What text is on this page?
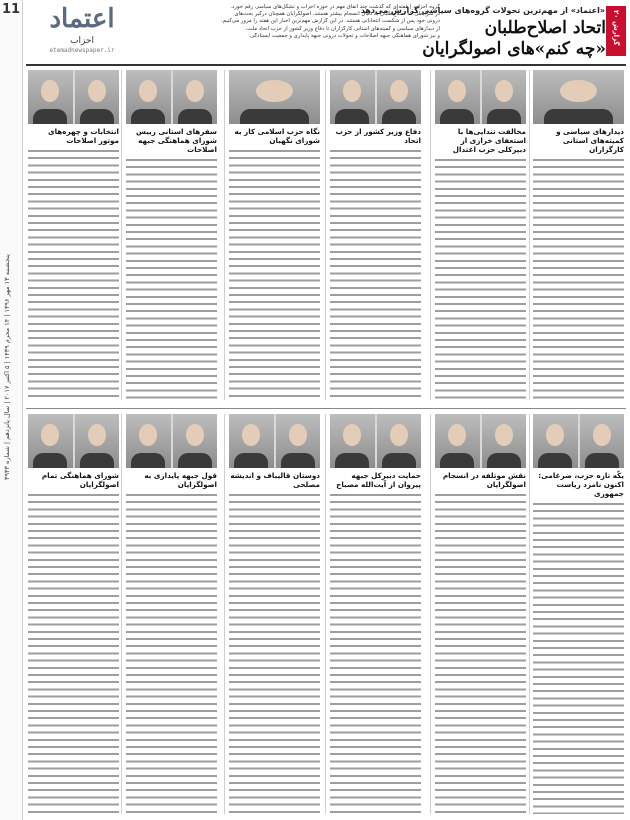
11
پنجشنبه ۱۳ مهر ۱۳۹۶ | ۱۴ محرم ۱۴۳۹ | ۵ اکتبر ۲۰۱۷ | سال پانزدهم | شماره ۳۹۳۳
اعتماد
احزاب
etemadnewspaper.ir
گروه احزاب | هفته‌ای که گذشت چند اتفاق مهم در حوزه احزاب و تشکل‌های سیاسی رقم خورد.
در شرایطی که اصلاح‌طلبان به دنبال انسجام بیشتر هستند، اصولگرایان همچنان درگیر بحث‌های
درونی خود پس از شکست انتخاباتی هستند. در این گزارش مهم‌ترین اخبار این هفته را مرور می‌کنیم.
از دیدارهای سیاسی و کمیته‌های استانی کارگزاران تا دفاع وزیر کشور از حزب اتحاد ملت،
و نیز شورای هماهنگی جبهه اصلاحات و تحولات درونی جبهه پایداری و جمعیت ایستادگی.
«اعتماد» از مهم‌ترین تحولات گروه‌های سیاسی گزارش می‌دهد
اتحاد اصلاح‌طلبان
«چه کنم»‌های اصولگرایان
گزارش ۲۰
دیدارهای سیاسی و کمیته‌های استانی کارگزاران
مخالفت تندا‌یی‌ها با استعفای خرازی از دبیرکلی حزب اعتدال
دفاع وزیر کشور از حزب اتحاد
نگاه حزب اسلامی کار به شورای نگهبان
سفرهای استانی رییس شورای هماهنگی جبهه اصلاحات
انتخابات و چهره‌های موتور اصلاحات
یکّه‌ تازه حزب، ضرغامی: اکنون نامزد ریاست جمهوری
نقش موتلفه در انسجام اصولگرایان
حمایت دبیرکل جبهه پیروان از آیت‌الله مصباح
دوستان قالیباف و اندیشه مصلحی
قول جبهه پایداری به اصولگرایان
شورای هماهنگی تمام اصولگرایان
